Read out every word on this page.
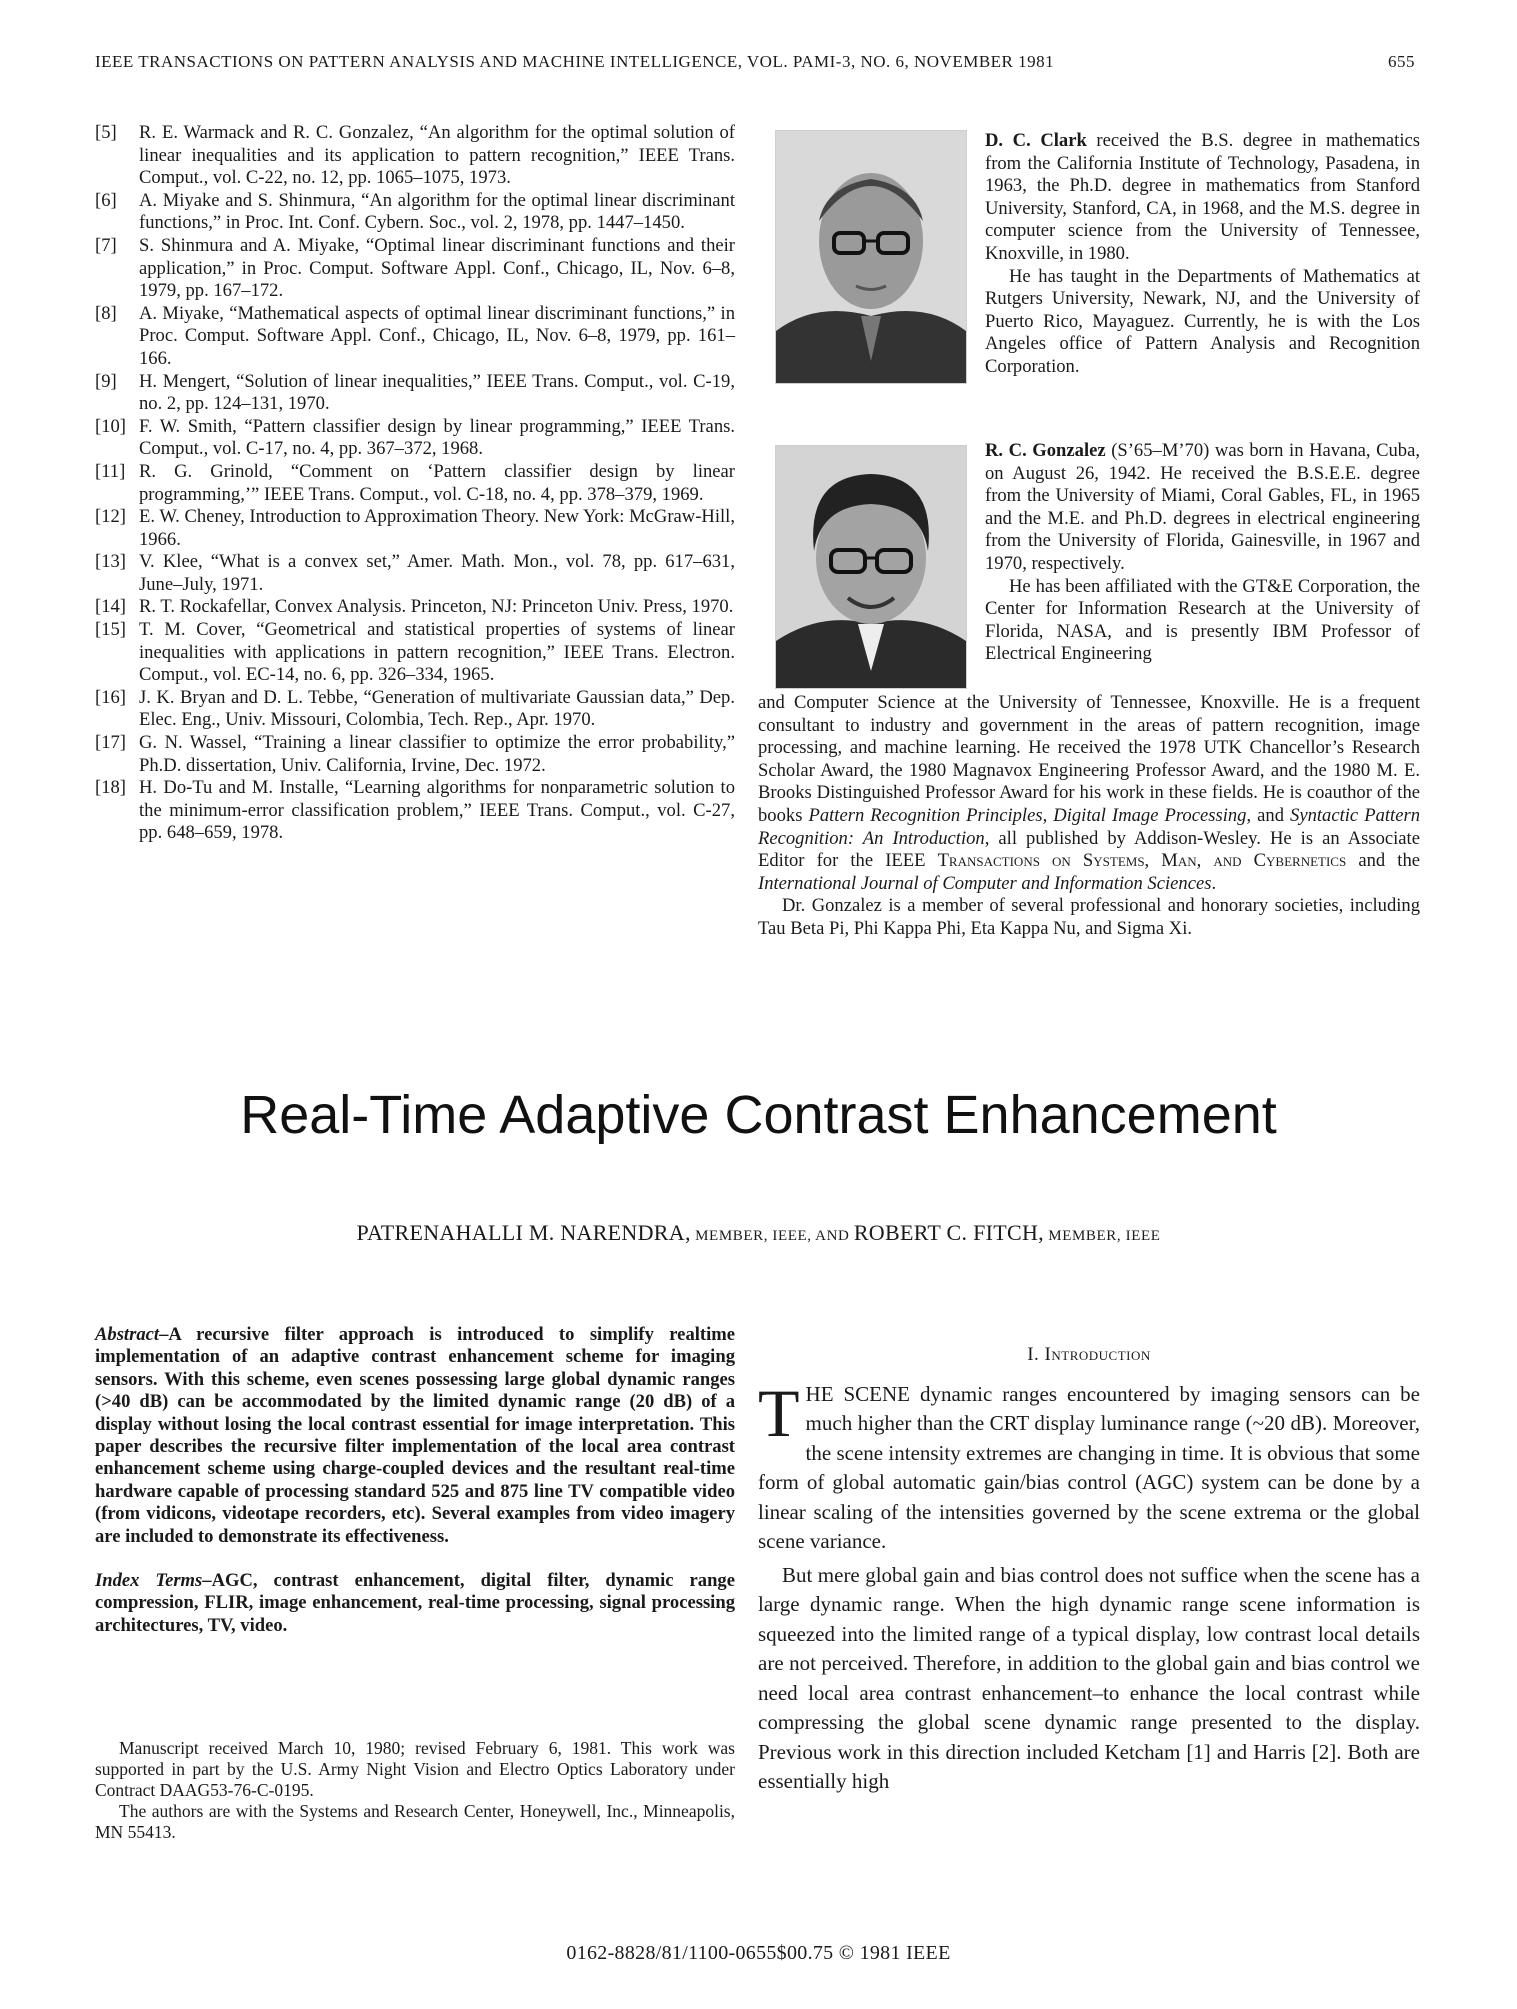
IEEE TRANSACTIONS ON PATTERN ANALYSIS AND MACHINE INTELLIGENCE, VOL. PAMI-3, NO. 6, NOVEMBER 1981	655
[5]	R. E. Warmack and R. C. Gonzalez, “An algorithm for the optimal solution of linear inequalities and its application to pattern recognition,” IEEE Trans. Comput., vol. C-22, no. 12, pp. 1065–1075, 1973.
[6]	A. Miyake and S. Shinmura, “An algorithm for the optimal linear discriminant functions,” in Proc. Int. Conf. Cybern. Soc., vol. 2, 1978, pp. 1447–1450.
[7]	S. Shinmura and A. Miyake, “Optimal linear discriminant functions and their application,” in Proc. Comput. Software Appl. Conf., Chicago, IL, Nov. 6–8, 1979, pp. 167–172.
[8]	A. Miyake, “Mathematical aspects of optimal linear discriminant functions,” in Proc. Comput. Software Appl. Conf., Chicago, IL, Nov. 6–8, 1979, pp. 161–166.
[9]	H. Mengert, “Solution of linear inequalities,” IEEE Trans. Comput., vol. C-19, no. 2, pp. 124–131, 1970.
[10] F. W. Smith, “Pattern classifier design by linear programming,” IEEE Trans. Comput., vol. C-17, no. 4, pp. 367–372, 1968.
[11] R. G. Grinold, “Comment on ‘Pattern classifier design by linear programming,’” IEEE Trans. Comput., vol. C-18, no. 4, pp. 378–379, 1969.
[12] E. W. Cheney, Introduction to Approximation Theory. New York: McGraw-Hill, 1966.
[13] V. Klee, “What is a convex set,” Amer. Math. Mon., vol. 78, pp. 617–631, June–July, 1971.
[14] R. T. Rockafellar, Convex Analysis. Princeton, NJ: Princeton Univ. Press, 1970.
[15] T. M. Cover, “Geometrical and statistical properties of systems of linear inequalities with applications in pattern recognition,” IEEE Trans. Electron. Comput., vol. EC-14, no. 6, pp. 326–334, 1965.
[16] J. K. Bryan and D. L. Tebbe, “Generation of multivariate Gaussian data,” Dep. Elec. Eng., Univ. Missouri, Colombia, Tech. Rep., Apr. 1970.
[17] G. N. Wassel, “Training a linear classifier to optimize the error probability,” Ph.D. dissertation, Univ. California, Irvine, Dec. 1972.
[18] H. Do-Tu and M. Installe, “Learning algorithms for nonparametric solution to the minimum-error classification problem,” IEEE Trans. Comput., vol. C-27, pp. 648–659, 1978.

D. C. Clark received the B.S. degree in mathematics from the California Institute of Technology, Pasadena, in 1963, the Ph.D. degree in mathematics from Stanford University, Stanford, CA, in 1968, and the M.S. degree in computer science from the University of Tennessee, Knoxville, in 1980.

He has taught in the Departments of Mathematics at Rutgers University, Newark, NJ, and the University of Puerto Rico, Mayaguez. Currently, he is with the Los Angeles office of Pattern Analysis and Recognition Corporation.

R. C. Gonzalez (S’65–M’70) was born in Havana, Cuba, on August 26, 1942. He received the B.S.E.E. degree from the University of Miami, Coral Gables, FL, in 1965 and the M.E. and Ph.D. degrees in electrical engineering from the University of Florida, Gainesville, in 1967 and 1970, respectively.

He has been affiliated with the GT&E Corporation, the Center for Information Research at the University of Florida, NASA, and is presently IBM Professor of Electrical Engineering

and Computer Science at the University of Tennessee, Knoxville. He is a frequent consultant to industry and government in the areas of pattern recognition, image processing, and machine learning. He received the 1978 UTK Chancellor’s Research Scholar Award, the 1980 Magnavox Engineering Professor Award, and the 1980 M. E. Brooks Distinguished Professor Award for his work in these fields. He is coauthor of the books Pattern Recognition Principles, Digital Image Processing, and Syntactic Pattern Recognition: An Introduction, all published by Addison-Wesley. He is an Associate Editor for the IEEE Transactions on Systems, Man, and Cybernetics and the International Journal of Computer and Information Sciences.

Dr. Gonzalez is a member of several professional and honorary societies, including Tau Beta Pi, Phi Kappa Phi, Eta Kappa Nu, and Sigma Xi.

Real-Time Adaptive Contrast Enhancement
PATRENAHALLI M. NARENDRA, MEMBER, IEEE, AND ROBERT C. FITCH, MEMBER, IEEE

Abstract–A recursive filter approach is introduced to simplify realtime implementation of an adaptive contrast enhancement scheme for imaging sensors. With this scheme, even scenes possessing large global dynamic ranges (>40 dB) can be accommodated by the limited dynamic range (20 dB) of a display without losing the local contrast essential for image interpretation. This paper describes the recursive filter implementation of the local area contrast enhancement scheme using charge-coupled devices and the resultant real-time hardware capable of processing standard 525 and 875 line TV compatible video (from vidicons, videotape recorders, etc). Several examples from video imagery are included to demonstrate its effectiveness.

Index Terms–AGC, contrast enhancement, digital filter, dynamic range compression, FLIR, image enhancement, real-time processing, signal processing architectures, TV, video.

Manuscript received March 10, 1980; revised February 6, 1981. This work was supported in part by the U.S. Army Night Vision and Electro Optics Laboratory under Contract DAAG53-76-C-0195.

The authors are with the Systems and Research Center, Honeywell, Inc., Minneapolis, MN 55413.

I. Introduction

THE SCENE dynamic ranges encountered by imaging sensors can be much higher than the CRT display luminance range (~20 dB). Moreover, the scene intensity extremes are changing in time. It is obvious that some form of global automatic gain/bias control (AGC) system can be done by a linear scaling of the intensities governed by the scene extrema or the global scene variance.

But mere global gain and bias control does not suffice when the scene has a large dynamic range. When the high dynamic range scene information is squeezed into the limited range of a typical display, low contrast local details are not perceived. Therefore, in addition to the global gain and bias control we need local area contrast enhancement–to enhance the local contrast while compressing the global scene dynamic range presented to the display. Previous work in this direction included Ketcham [1] and Harris [2]. Both are essentially high

0162-8828/81/1100-0655$00.75 © 1981 IEEE
